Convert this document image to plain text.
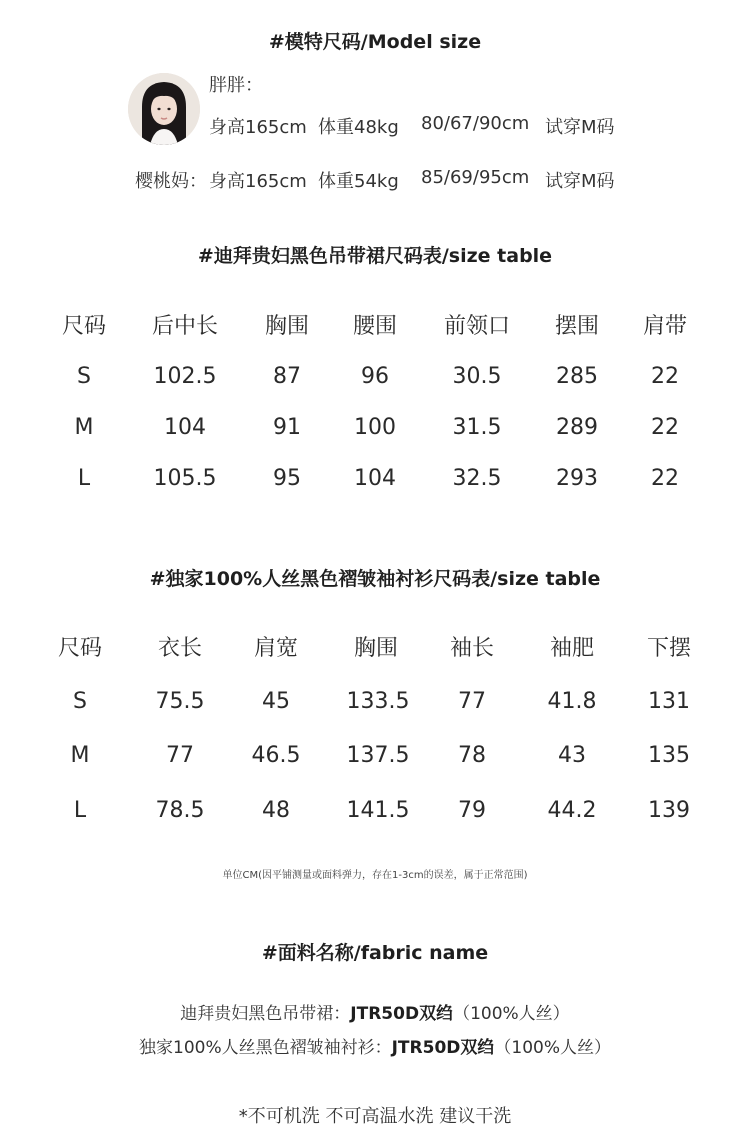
#模特尺码/Model size
胖胖：
身高165cm 体重48kg 80/67/90cm 试穿M码
樱桃妈： 身高165cm 体重54kg 85/69/95cm 试穿M码
#迪拜贵妇黑色吊带裙尺码表/size table
尺码 后中长 胸围 腰围 前领口 摆围 肩带
S	102.5	87	96	30.5 285 22
M	104	91 100	31.5 289 22
L	105.5	95 104	32.5 293 22
#独家100%人丝黑色褶皱袖衬衫尺码表/size table
尺码	衣长 肩宽	胸围 袖长	袖肥 下摆
S	75.5	45	133.5 77	41.8 131
M	77	46.5 137.5 78	43	135
L	78.5	48	141.5 79	44.2 139
单位CM(因平铺测量或面料弹力，存在1-3cm的误差，属于正常范围)
#面料名称/fabric name
迪拜贵妇黑色吊带裙：JTR50D双绉（100%人丝）
独家100%人丝黑色褶皱袖衬衫：JTR50D双绉（100%人丝）
*不可机洗 不可高温水洗 建议干洗
